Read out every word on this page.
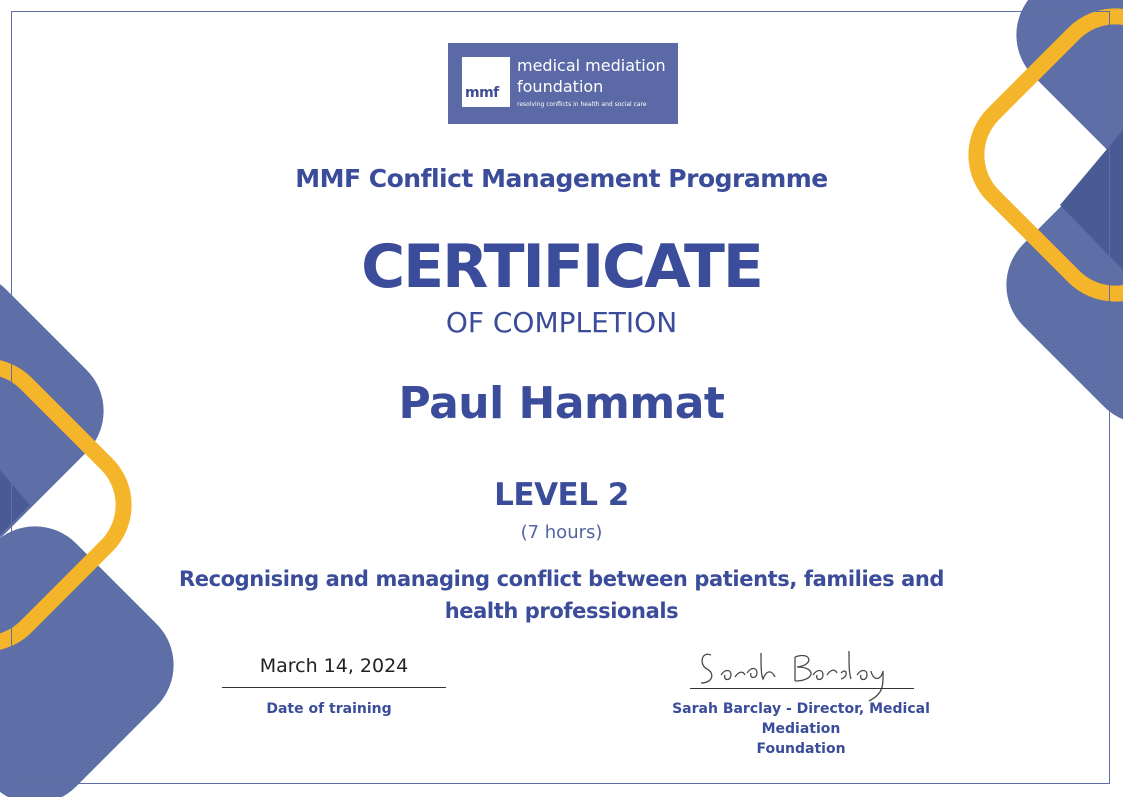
mmf
medical mediation
foundation
resolving conflicts in health and social care
MMF Conflict Management Programme
CERTIFICATE
OF COMPLETION
Paul Hammat
LEVEL 2
(7 hours)
Recognising and managing conflict between patients, families and
health professionals
March 14, 2024
Date of training	Sarah Barclay - Director, Medical Mediation
Foundation
